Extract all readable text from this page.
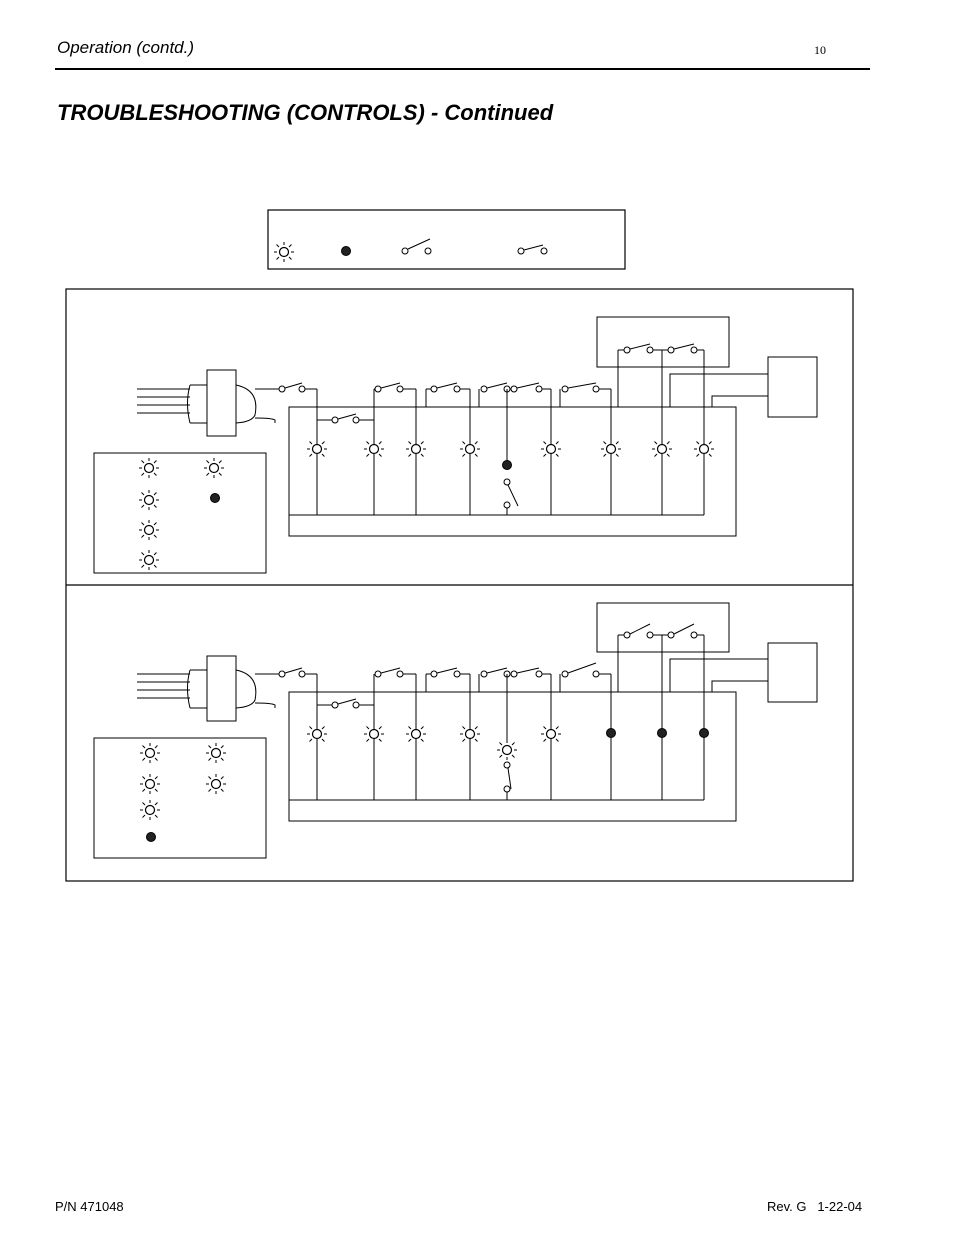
Operation (contd.)	10
TROUBLESHOOTING (CONTROLS) - Continued
P/N 471048	Rev. G   1-22-04
